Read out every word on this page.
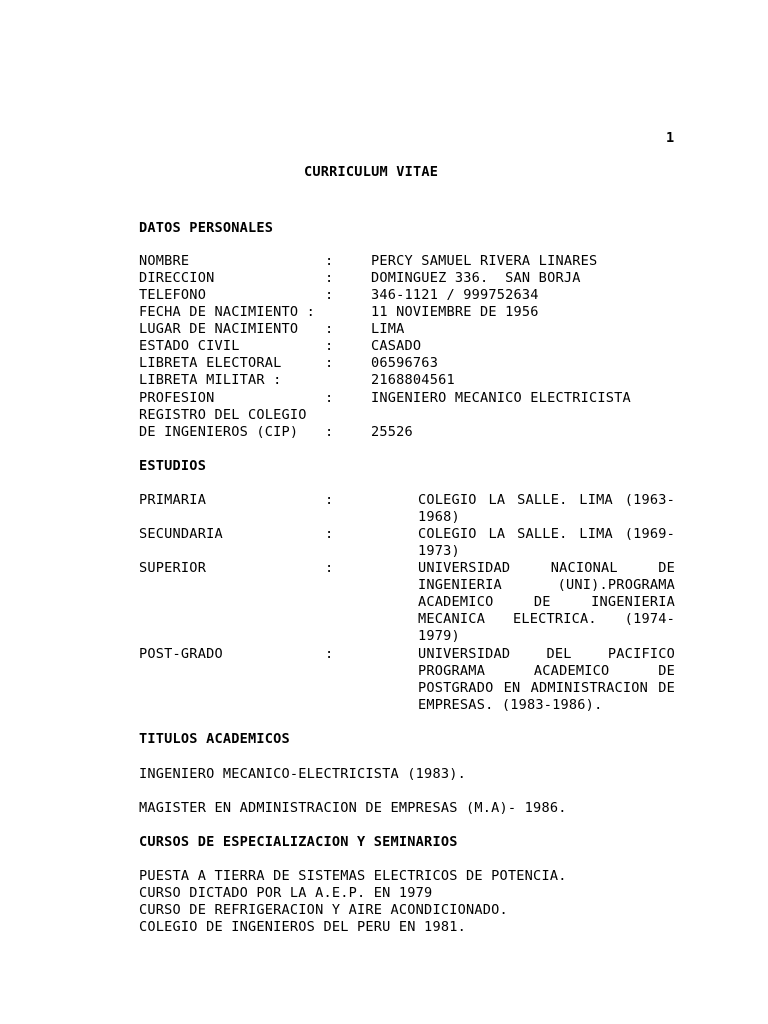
1
CURRICULUM VITAE
DATOS PERSONALES
NOMBRE	:	PERCY SAMUEL RIVERA LINARES
DIRECCION	:	DOMINGUEZ 336.  SAN BORJA
TELEFONO	:	346-1121 / 999752634
FECHA DE NACIMIENTO :	11 NOVIEMBRE DE 1956
LUGAR DE NACIMIENTO :	LIMA
ESTADO CIVIL	:	CASADO
LIBRETA ELECTORAL	:	06596763
LIBRETA MILITAR :	2168804561
PROFESION	:	INGENIERO MECANICO ELECTRICISTA
REGISTRO DEL COLEGIO
DE INGENIEROS (CIP) :	25526
ESTUDIOS
PRIMARIA	:	COLEGIO LA SALLE. LIMA (1963-1968)
SECUNDARIA	:	COLEGIO LA SALLE. LIMA (1969-1973)
SUPERIOR	:	UNIVERSIDAD NACIONAL DE INGENIERIA (UNI).PROGRAMA ACADEMICO DE INGENIERIA MECANICA ELECTRICA. (1974-1979)
POST-GRADO	:	UNIVERSIDAD DEL PACIFICO PROGRAMA ACADEMICO DE POSTGRADO EN ADMINISTRACION DE EMPRESAS. (1983-1986).
TITULOS ACADEMICOS
INGENIERO MECANICO-ELECTRICISTA (1983).
MAGISTER EN ADMINISTRACION DE EMPRESAS (M.A)- 1986.
CURSOS DE ESPECIALIZACION Y SEMINARIOS
PUESTA A TIERRA DE SISTEMAS ELECTRICOS DE POTENCIA.
CURSO DICTADO POR LA A.E.P. EN 1979
CURSO DE REFRIGERACION Y AIRE ACONDICIONADO.
COLEGIO DE INGENIEROS DEL PERU EN 1981.
